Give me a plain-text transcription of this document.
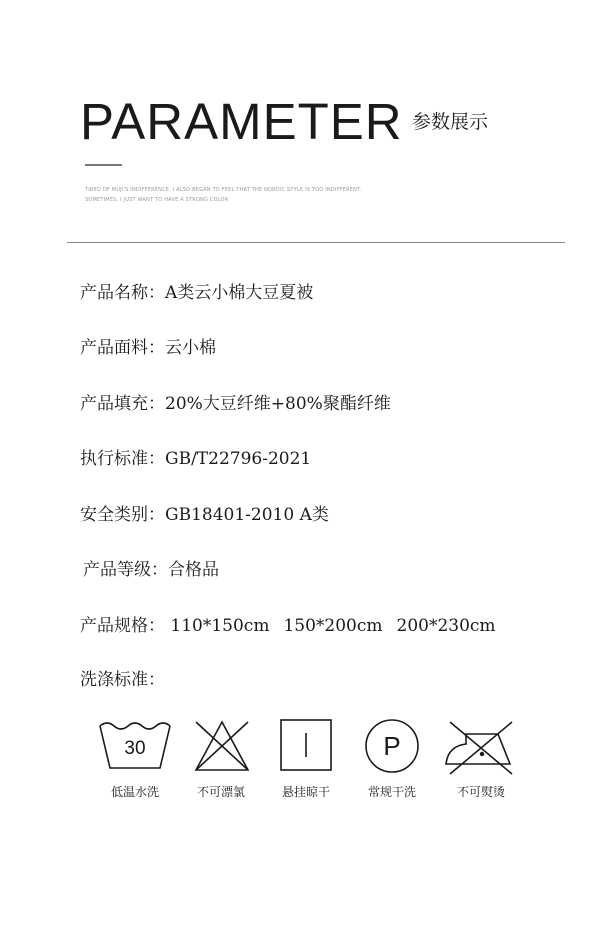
PARAMETER 参数展示
TIRED OF MUJI'S INDIFFERENCE, I ALSO BEGAN TO FEEL THAT THE NORDIC STYLE IS TOO INDIFFERENT.
SOMETIMES, I JUST WANT TO HAVE A STRONG COLOR
产品名称：A类云小棉大豆夏被
产品面料：云小棉
产品填充：20%大豆纤维+80%聚酯纤维
执行标准：GB/T22796-2021
安全类别：GB18401-2010 A类
产品等级：合格品
产品规格： 110*150cm 150*200cm 200*230cm
洗涤标准：
30
低温水洗	不可漂氯	悬挂晾干
P
常规干洗	不可熨烫
